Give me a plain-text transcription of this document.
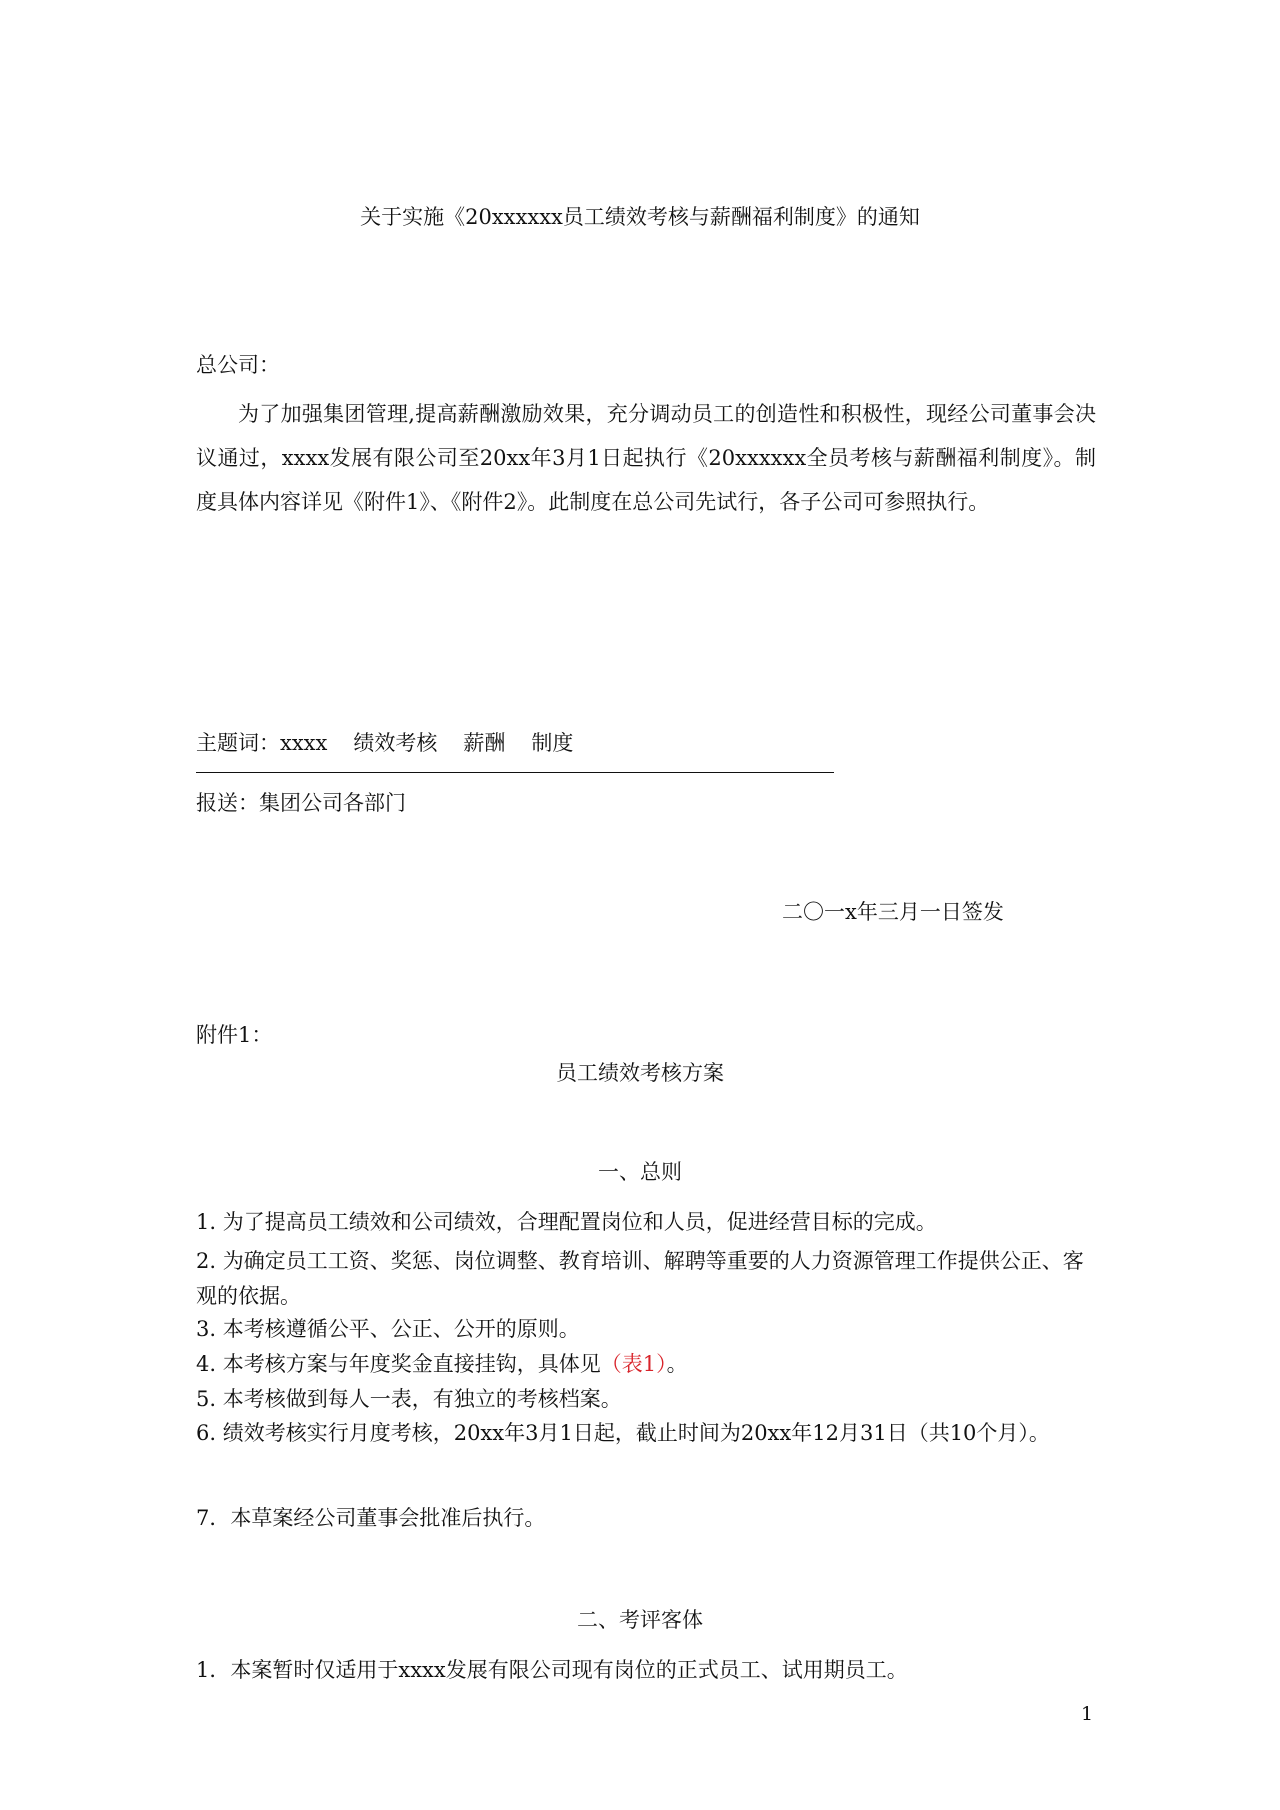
关于实施《20xxxxxx员工绩效考核与薪酬福利制度》的通知
总公司：
为了加强集团管理,提高薪酬激励效果，充分调动员工的创造性和积极性，现经公司董事会决议通过，xxxx发展有限公司至20xx年3月1日起执行《20xxxxxx全员考核与薪酬福利制度》。制度具体内容详见《附件1》、《附件2》。此制度在总公司先试行，各子公司可参照执行。
主题词：xxxx 绩效考核 薪酬 制度
报送：集团公司各部门
二〇一x年三月一日签发
附件1：
员工绩效考核方案
一、总则
1. 为了提高员工绩效和公司绩效，合理配置岗位和人员，促进经营目标的完成。
2. 为确定员工工资、奖惩、岗位调整、教育培训、解聘等重要的人力资源管理工作提供公正、客观的依据。
3. 本考核遵循公平、公正、公开的原则。
4. 本考核方案与年度奖金直接挂钩，具体见（表1）。
5. 本考核做到每人一表，有独立的考核档案。
6. 绩效考核实行月度考核，20xx年3月1日起，截止时间为20xx年12月31日（共10个月）。
7．本草案经公司董事会批准后执行。
二、考评客体
1．本案暂时仅适用于xxxx发展有限公司现有岗位的正式员工、试用期员工。
1
